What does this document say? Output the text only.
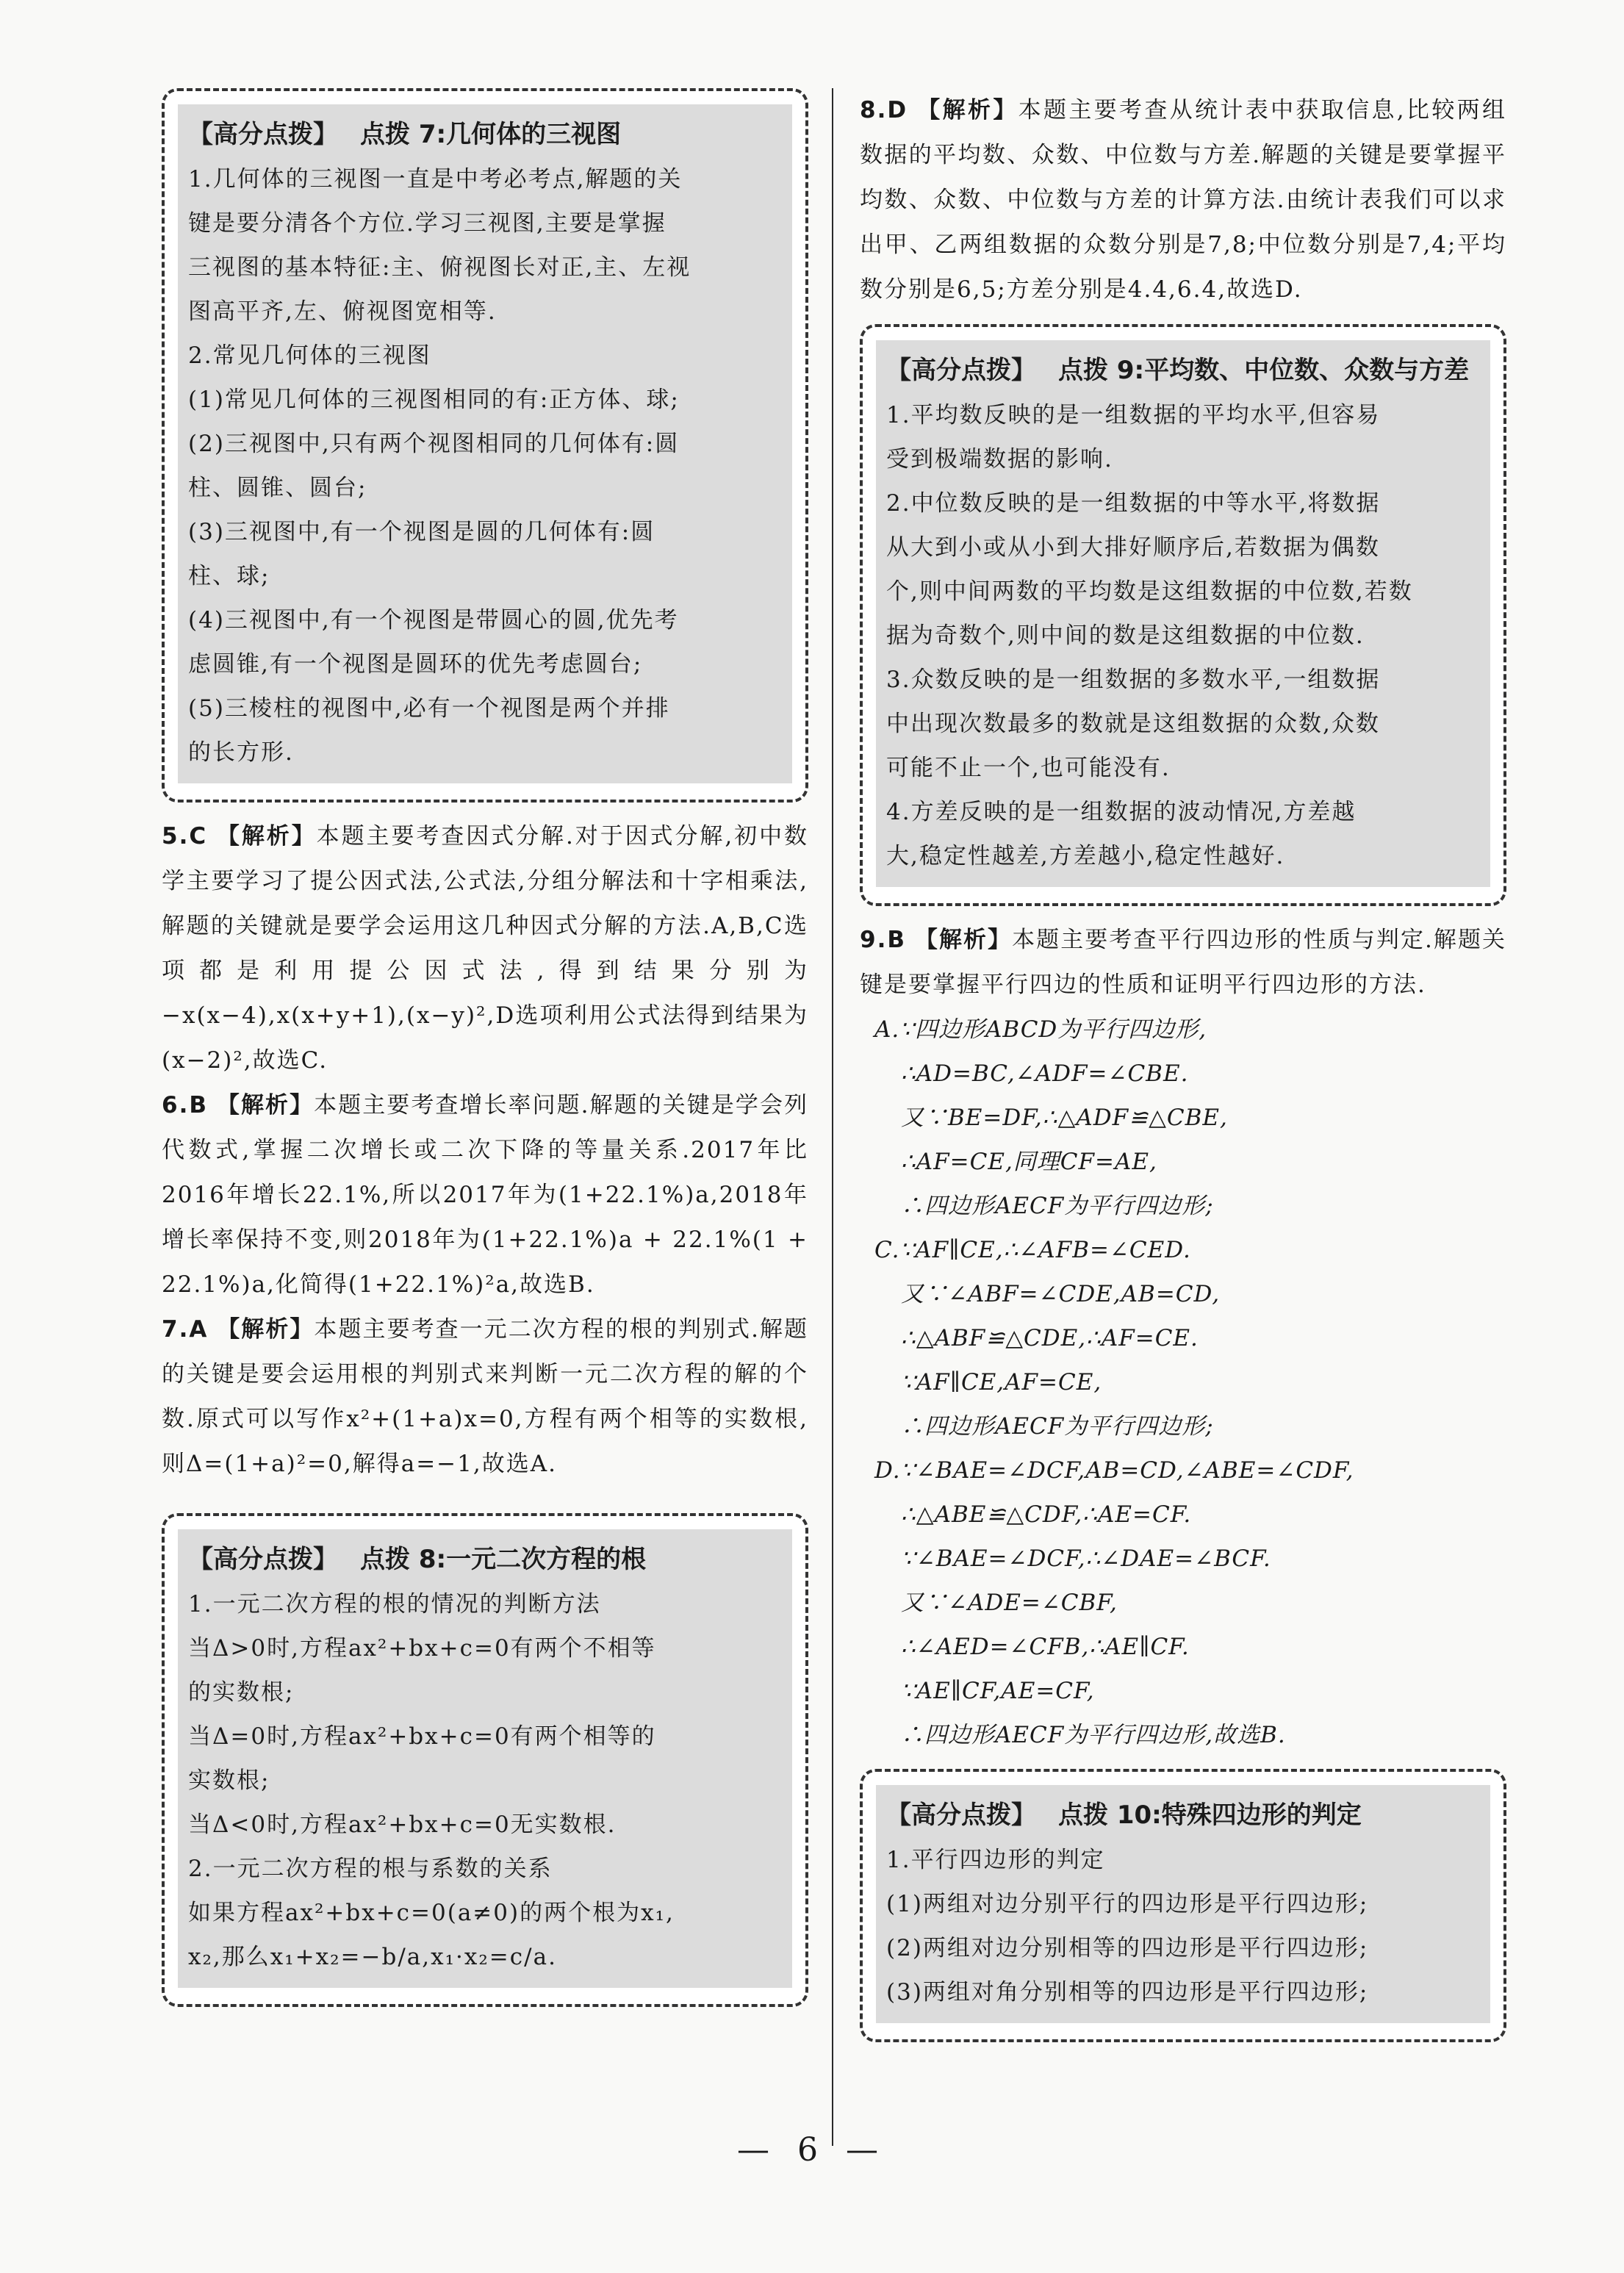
【高分点拨】 点拨 7:几何体的三视图
1.几何体的三视图一直是中考必考点,解题的关
键是要分清各个方位.学习三视图,主要是掌握
三视图的基本特征:主、俯视图长对正,主、左视
图高平齐,左、俯视图宽相等.
2.常见几何体的三视图
(1)常见几何体的三视图相同的有:正方体、球;
(2)三视图中,只有两个视图相同的几何体有:圆
柱、圆锥、圆台;
(3)三视图中,有一个视图是圆的几何体有:圆
柱、球;
(4)三视图中,有一个视图是带圆心的圆,优先考
虑圆锥,有一个视图是圆环的优先考虑圆台;
(5)三棱柱的视图中,必有一个视图是两个并排
的长方形.
5.C 【解析】本题主要考查因式分解.对于因式分解,初中数学主要学习了提公因式法,公式法,分组分解法和十字相乘法,解题的关键就是要学会运用这几种因式分解的方法.A,B,C选项都是利用提公因式法,得到结果分别为−x(x−4),x(x+y+1),(x−y)²,D选项利用公式法得到结果为(x−2)²,故选C.
6.B 【解析】本题主要考查增长率问题.解题的关键是学会列代数式,掌握二次增长或二次下降的等量关系.2017年比2016年增长22.1%,所以2017年为(1+22.1%)a,2018年增长率保持不变,则2018年为(1+22.1%)a + 22.1%(1 + 22.1%)a,化简得(1+22.1%)²a,故选B.
7.A 【解析】本题主要考查一元二次方程的根的判别式.解题的关键是要会运用根的判别式来判断一元二次方程的解的个数.原式可以写作x²+(1+a)x=0,方程有两个相等的实数根,则Δ=(1+a)²=0,解得a=−1,故选A.
【高分点拨】 点拨 8:一元二次方程的根
1.一元二次方程的根的情况的判断方法
当Δ>0时,方程ax²+bx+c=0有两个不相等
的实数根;
当Δ=0时,方程ax²+bx+c=0有两个相等的
实数根;
当Δ<0时,方程ax²+bx+c=0无实数根.
2.一元二次方程的根与系数的关系
如果方程ax²+bx+c=0(a≠0)的两个根为x₁,
x₂,那么x₁+x₂=−b/a,x₁·x₂=c/a.
8.D 【解析】本题主要考查从统计表中获取信息,比较两组数据的平均数、众数、中位数与方差.解题的关键是要掌握平均数、众数、中位数与方差的计算方法.由统计表我们可以求出甲、乙两组数据的众数分别是7,8;中位数分别是7,4;平均数分别是6,5;方差分别是4.4,6.4,故选D.
【高分点拨】 点拨 9:平均数、中位数、众数与方差
1.平均数反映的是一组数据的平均水平,但容易
受到极端数据的影响.
2.中位数反映的是一组数据的中等水平,将数据
从大到小或从小到大排好顺序后,若数据为偶数
个,则中间两数的平均数是这组数据的中位数,若数
据为奇数个,则中间的数是这组数据的中位数.
3.众数反映的是一组数据的多数水平,一组数据
中出现次数最多的数就是这组数据的众数,众数
可能不止一个,也可能没有.
4.方差反映的是一组数据的波动情况,方差越
大,稳定性越差,方差越小,稳定性越好.
9.B 【解析】本题主要考查平行四边形的性质与判定.解题关键是要掌握平行四边的性质和证明平行四边形的方法.
A.∵四边形ABCD为平行四边形,
∴AD=BC,∠ADF=∠CBE.
又∵BE=DF,∴△ADF≌△CBE,
∴AF=CE,同理CF=AE,
∴四边形AECF为平行四边形;
C.∵AF∥CE,∴∠AFB=∠CED.
又∵∠ABF=∠CDE,AB=CD,
∴△ABF≌△CDE,∴AF=CE.
∵AF∥CE,AF=CE,
∴四边形AECF为平行四边形;
D.∵∠BAE=∠DCF,AB=CD,∠ABE=∠CDF,
∴△ABE≌△CDF,∴AE=CF.
∵∠BAE=∠DCF,∴∠DAE=∠BCF.
又∵∠ADE=∠CBF,
∴∠AED=∠CFB,∴AE∥CF.
∵AE∥CF,AE=CF,
∴四边形AECF为平行四边形,故选B.
【高分点拨】 点拨 10:特殊四边形的判定
1.平行四边形的判定
(1)两组对边分别平行的四边形是平行四边形;
(2)两组对边分别相等的四边形是平行四边形;
(3)两组对角分别相等的四边形是平行四边形;
— 6 —
